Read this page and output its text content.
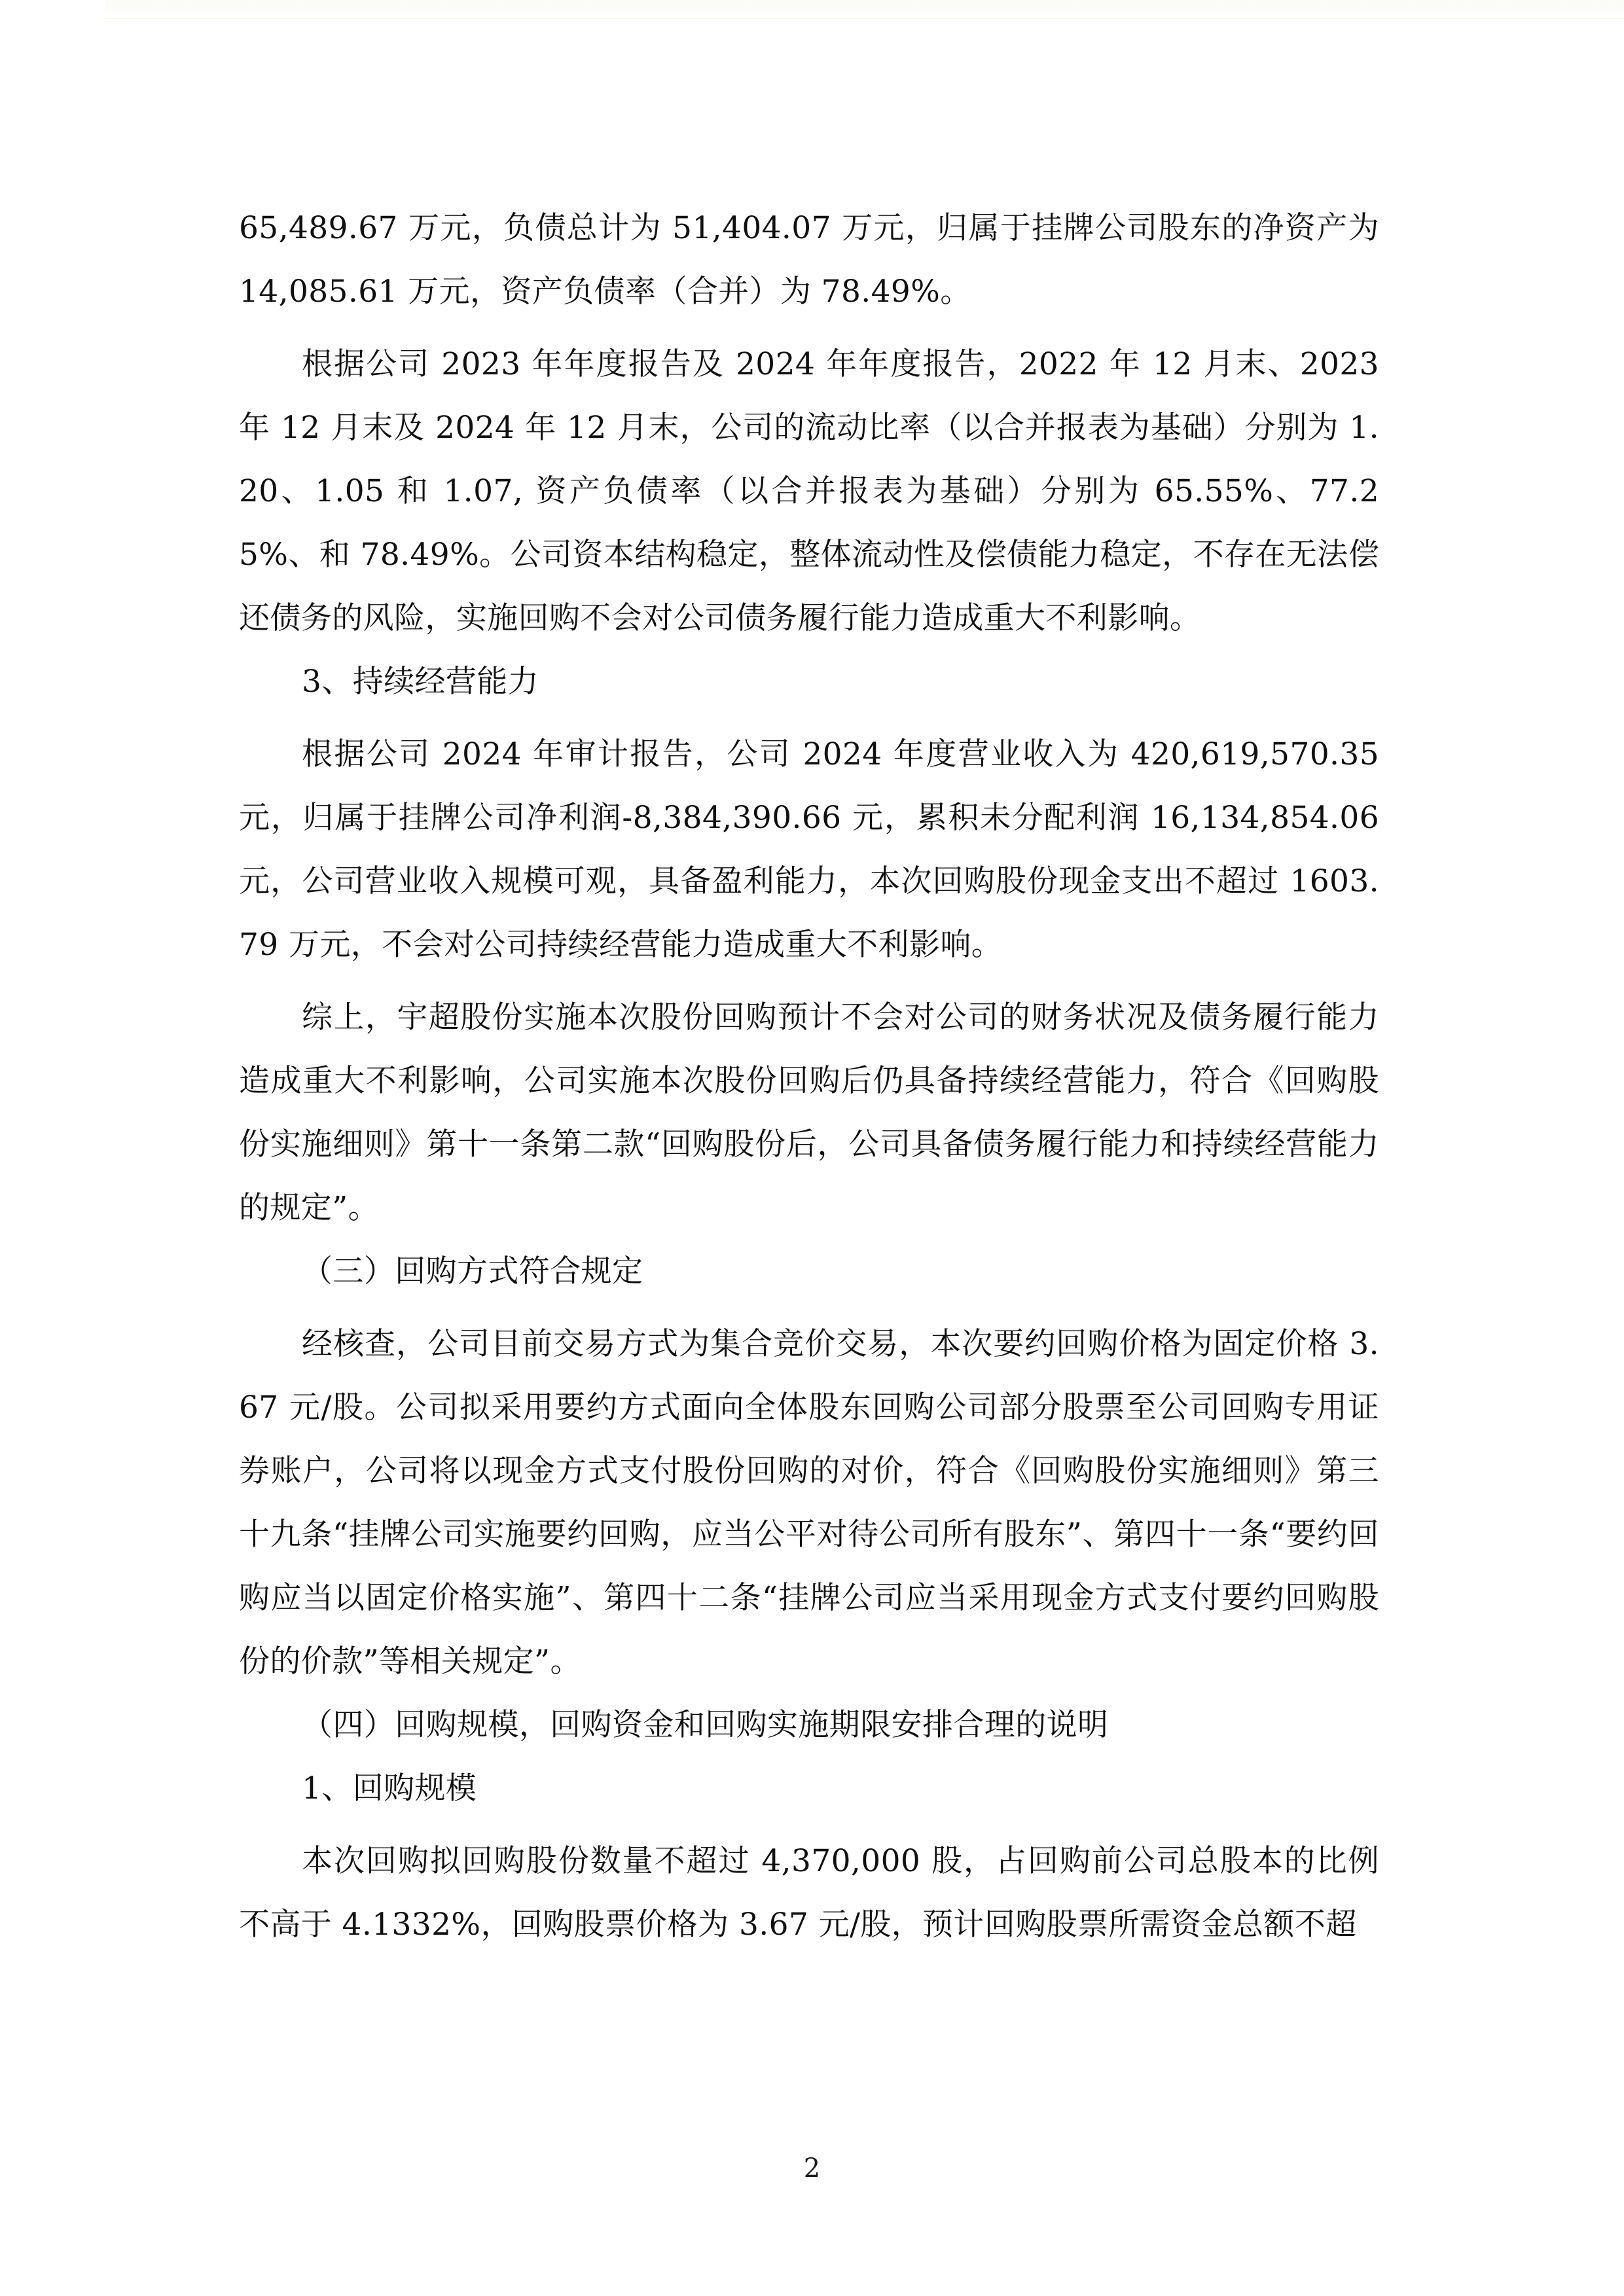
65,489.67 万元，负债总计为 51,404.07 万元，归属于挂牌公司股东的净资产为 14,085.61 万元，资产负债率（合并）为 78.49%。

根据公司 2023 年年度报告及 2024 年年度报告，2022 年 12 月末、2023 年 12 月末及 2024 年 12 月末，公司的流动比率（以合并报表为基础）分别为 1.20、1.05 和 1.07, 资产负债率（以合并报表为基础）分别为 65.55%、77.25%、和 78.49%。公司资本结构稳定，整体流动性及偿债能力稳定，不存在无法偿还债务的风险，实施回购不会对公司债务履行能力造成重大不利影响。

3、持续经营能力

根据公司 2024 年审计报告，公司 2024 年度营业收入为 420,619,570.35 元，归属于挂牌公司净利润-8,384,390.66 元，累积未分配利润 16,134,854.06 元，公司营业收入规模可观，具备盈利能力，本次回购股份现金支出不超过 1603.79 万元，不会对公司持续经营能力造成重大不利影响。

综上，宇超股份实施本次股份回购预计不会对公司的财务状况及债务履行能力造成重大不利影响，公司实施本次股份回购后仍具备持续经营能力，符合《回购股份实施细则》第十一条第二款“回购股份后，公司具备债务履行能力和持续经营能力的规定”。

（三）回购方式符合规定

经核查，公司目前交易方式为集合竞价交易，本次要约回购价格为固定价格 3.67 元/股。公司拟采用要约方式面向全体股东回购公司部分股票至公司回购专用证券账户，公司将以现金方式支付股份回购的对价，符合《回购股份实施细则》第三十九条“挂牌公司实施要约回购，应当公平对待公司所有股东”、第四十一条“要约回购应当以固定价格实施”、第四十二条“挂牌公司应当采用现金方式支付要约回购股份的价款”等相关规定”。

（四）回购规模，回购资金和回购实施期限安排合理的说明

1、回购规模

本次回购拟回购股份数量不超过 4,370,000 股，占回购前公司总股本的比例不高于 4.1332%，回购股票价格为 3.67 元/股，预计回购股票所需资金总额不超

2
